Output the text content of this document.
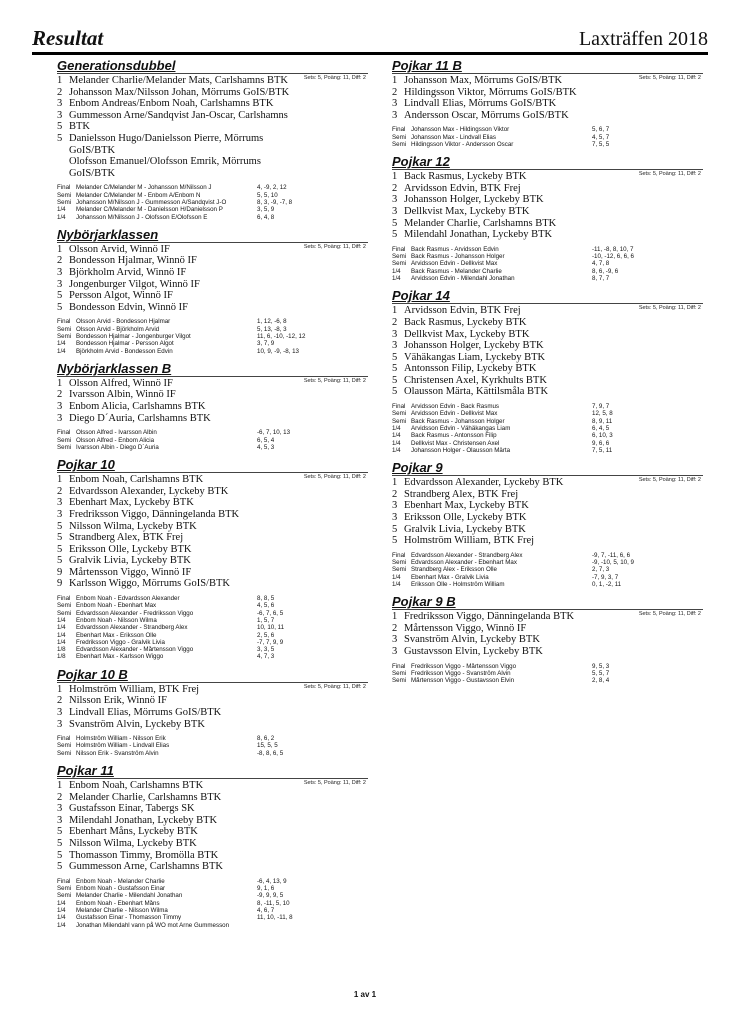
Resultat	Laxträffen 2018
Generationsdubbel
Sets: 5, Poäng: 11, Diff: 2
1 Melander Charlie/Melander Mats, Carlshamns BTK
2 Johansson Max/Nilsson Johan, Mörrums GoIS/BTK
3 Enbom Andreas/Enbom Noah, Carlshamns BTK
3 Gummesson Arne/Sandqvist Jan-Oscar, Carlshamns
5 BTK
5 Danielsson Hugo/Danielsson Pierre, Mörrums
GoIS/BTK
Olofsson Emanuel/Olofsson Emrik, Mörrums
GoIS/BTK
Final Melander C/Melander M - Johansson M/Nilsson J	4, -9, 2, 12
Semi Melander C/Melander M - Enbom A/Enbom N	5, 5, 10
Semi Johansson M/Nilsson J - Gummesson A/Sandqvist J-O	8, 3, -9, -7, 8
1/4	Melander C/Melander M - Danielsson H/Danielsson P	3, 5, 9
1/4	Johansson M/Nilsson J - Olofsson E/Olofsson E	6, 4, 8
Nybörjarklassen
Sets: 5, Poäng: 11, Diff: 2
1 Olsson Arvid, Winnö IF
2 Bondesson Hjalmar, Winnö IF
3 Björkholm Arvid, Winnö IF
3 Jongenburger Vilgot, Winnö IF
5 Persson Algot, Winnö IF
5 Bondesson Edvin, Winnö IF
Final Olsson Arvid - Bondesson Hjalmar	1, 12, -6, 8
Semi Olsson Arvid - Björkholm Arvid	5, 13, -8, 3
Semi Bondesson Hjalmar - Jongenburger Vilgot	11, 6, -10, -12, 12
1/4	Bondesson Hjalmar - Persson Algot	3, 7, 9
1/4	Björkholm Arvid - Bondesson Edvin	10, 9, -9, -8, 13
Nybörjarklassen B
Sets: 5, Poäng: 11, Diff: 2
1 Olsson Alfred, Winnö IF
2 Ivarsson Albin, Winnö IF
3 Enbom Alicia, Carlshamns BTK
3 Diego D´Auria, Carlshamns BTK
Final Olsson Alfred - Ivarsson Albin	-6, 7, 10, 13
Semi Olsson Alfred - Enbom Alicia	6, 5, 4
Semi Ivarsson Albin - Diego D´Auria	4, 5, 3
Pojkar 10
Sets: 5, Poäng: 11, Diff: 2
1 Enbom Noah, Carlshamns BTK
2 Edvardsson Alexander, Lyckeby BTK
3 Ebenhart Max, Lyckeby BTK
3 Fredriksson Viggo, Dänningelanda BTK
5 Nilsson Wilma, Lyckeby BTK
5 Strandberg Alex, BTK Frej
5 Eriksson Olle, Lyckeby BTK
5 Gralvik Livia, Lyckeby BTK
9 Mårtensson Viggo, Winnö IF
9 Karlsson Wiggo, Mörrums GoIS/BTK
Final Enbom Noah - Edvardsson Alexander	8, 8, 5
Semi Enbom Noah - Ebenhart Max	4, 5, 6
Semi Edvardsson Alexander - Fredriksson Viggo	-6, 7, 6, 5
1/4	Enbom Noah - Nilsson Wilma	1, 5, 7
1/4	Edvardsson Alexander - Strandberg Alex	10, 10, 11
1/4	Ebenhart Max - Eriksson Olle	2, 5, 6
1/4	Fredriksson Viggo - Gralvik Livia	-7, 7, 9, 9
1/8	Edvardsson Alexander - Mårtensson Viggo	3, 3, 5
1/8	Ebenhart Max - Karlsson Wiggo	4, 7, 3
Pojkar 10 B
Sets: 5, Poäng: 11, Diff: 2
1 Holmström William, BTK Frej
2 Nilsson Erik, Winnö IF
3 Lindvall Elias, Mörrums GoIS/BTK
3 Svanström Alvin, Lyckeby BTK
Final Holmström William - Nilsson Erik	8, 6, 2
Semi Holmström William - Lindvall Elias	15, 5, 5
Semi Nilsson Erik - Svanström Alvin	-8, 8, 6, 5
Pojkar 11
Sets: 5, Poäng: 11, Diff: 2
1 Enbom Noah, Carlshamns BTK
2 Melander Charlie, Carlshamns BTK
3 Gustafsson Einar, Tabergs SK
3 Milendahl Jonathan, Lyckeby BTK
5 Ebenhart Måns, Lyckeby BTK
5 Nilsson Wilma, Lyckeby BTK
5 Thomasson Timmy, Bromölla BTK
5 Gummesson Arne, Carlshamns BTK
Final Enbom Noah - Melander Charlie	-6, 4, 13, 9
Semi Enbom Noah - Gustafsson Einar	9, 1, 6
Semi Melander Charlie - Milendahl Jonathan	-9, 9, 9, 5
1/4	Enbom Noah - Ebenhart Måns	8, -11, 5, 10
1/4	Melander Charlie - Nilsson Wilma	4, 6, 7
1/4	Gustafsson Einar - Thomasson Timmy	11, 10, -11, 8
1/4	Jonathan Milendahl vann på WO mot Arne Gummesson
Pojkar 11 B
Sets: 5, Poäng: 11, Diff: 2
1 Johansson Max, Mörrums GoIS/BTK
2 Hildingsson Viktor, Mörrums GoIS/BTK
3 Lindvall Elias, Mörrums GoIS/BTK
3 Andersson Oscar, Mörrums GoIS/BTK
Final Johansson Max - Hildingsson Viktor	5, 6, 7
Semi Johansson Max - Lindvall Elias	4, 5, 7
Semi Hildingsson Viktor - Andersson Oscar	7, 5, 5
Pojkar 12
Sets: 5, Poäng: 11, Diff: 2
1 Back Rasmus, Lyckeby BTK
2 Arvidsson Edvin, BTK Frej
3 Johansson Holger, Lyckeby BTK
3 Dellkvist Max, Lyckeby BTK
5 Melander Charlie, Carlshamns BTK
5 Milendahl Jonathan, Lyckeby BTK
Final Back Rasmus - Arvidsson Edvin	-11, -8, 8, 10, 7
Semi Back Rasmus - Johansson Holger	-10, -12, 6, 6, 6
Semi Arvidsson Edvin - Dellkvist Max	4, 7, 8
1/4	Back Rasmus - Melander Charlie	8, 6, -9, 6
1/4	Arvidsson Edvin - Milendahl Jonathan	8, 7, 7
Pojkar 14
Sets: 5, Poäng: 11, Diff: 2
1 Arvidsson Edvin, BTK Frej
2 Back Rasmus, Lyckeby BTK
3 Dellkvist Max, Lyckeby BTK
3 Johansson Holger, Lyckeby BTK
5 Vähäkangas Liam, Lyckeby BTK
5 Antonsson Filip, Lyckeby BTK
5 Christensen Axel, Kyrkhults BTK
5 Olausson Märta, Kättilsmåla BTK
Final Arvidsson Edvin - Back Rasmus	7, 9, 7
Semi Arvidsson Edvin - Dellkvist Max	12, 5, 8
Semi Back Rasmus - Johansson Holger	8, 9, 11
1/4	Arvidsson Edvin - Vähäkangas Liam	6, 4, 5
1/4	Back Rasmus - Antonsson Filip	6, 10, 3
1/4	Dellkvist Max - Christensen Axel	9, 6, 6
1/4	Johansson Holger - Olausson Märta	7, 5, 11
Pojkar 9
Sets: 5, Poäng: 11, Diff: 2
1 Edvardsson Alexander, Lyckeby BTK
2 Strandberg Alex, BTK Frej
3 Ebenhart Max, Lyckeby BTK
3 Eriksson Olle, Lyckeby BTK
5 Gralvik Livia, Lyckeby BTK
5 Holmström William, BTK Frej
Final Edvardsson Alexander - Strandberg Alex	-9, 7, -11, 6, 6
Semi Edvardsson Alexander - Ebenhart Max	-9, -10, 5, 10, 9
Semi Strandberg Alex - Eriksson Olle	2, 7, 3
1/4	Ebenhart Max - Gralvik Livia	-7, 9, 3, 7
1/4	Eriksson Olle - Holmström William	0, 1, -2, 11
Pojkar 9 B
Sets: 5, Poäng: 11, Diff: 2
1 Fredriksson Viggo, Dänningelanda BTK
2 Mårtensson Viggo, Winnö IF
3 Svanström Alvin, Lyckeby BTK
3 Gustavsson Elvin, Lyckeby BTK
Final Fredriksson Viggo - Mårtensson Viggo	9, 5, 3
Semi Fredriksson Viggo - Svanström Alvin	5, 5, 7
Semi Mårtensson Viggo - Gustavsson Elvin	2, 8, 4
1 av 1
